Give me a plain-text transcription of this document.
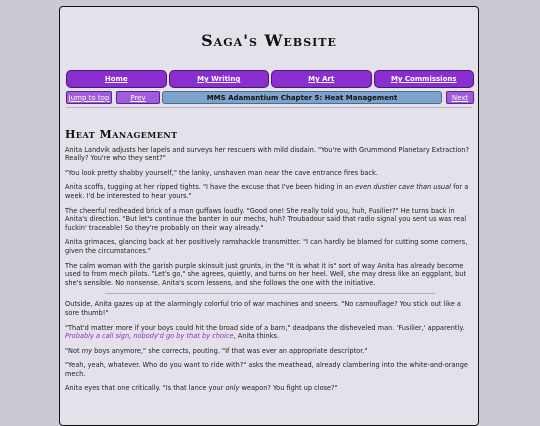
Saga's Website
Home	My Writing	My Art	My Commissions
Jump to top	Prev	MMS Adamantium Chapter 5: Heat Management	Next
Heat Management

Anita Landvik adjusts her lapels and surveys her rescuers with mild disdain. "You're with Grummond Planetary Extraction? Really? You're who they sent?"

"You look pretty shabby yourself," the lanky, unshaven man near the cave entrance fires back.

Anita scoffs, tugging at her ripped tights. "I have the excuse that I've been hiding in an even dustier cave than usual for a week. I'd be interested to hear yours."

The cheerful redheaded brick of a man guffaws loudly. "Good one! She really told you, huh, Fusilier?" He turns back in Anita's direction. "But let's continue the banter in our mechs, huh? Troubadour said that radio signal you sent us was real fuckin' traceable! So they're probably on their way already."

Anita grimaces, glancing back at her positively ramshackle transmitter. "I can hardly be blamed for cutting some corners, given the circumstances."

The calm woman with the garish purple skinsuit just grunts, in the "It is what it is" sort of way Anita has already become used to from mech pilots. "Let's go," she agrees, quietly, and turns on her heel. Well, she may dress like an eggplant, but she's sensible. No nonsense. Anita's scorn lessens, and she follows the one with the initiative.

Outside, Anita gazes up at the alarmingly colorful trio of war machines and sneers. "No camouflage? You stick out like a sore thumb!"

"That'd matter more if your boys could hit the broad side of a barn," deadpans the disheveled man. 'Fusilier,' apparently. Probably a call sign, nobody'd go by that by choice, Anita thinks.

"Not my boys anymore," she corrects, pouting. "If that was ever an appropriate descriptor."

"Yeah, yeah, whatever. Who do you want to ride with?" asks the meathead, already clambering into the white-and-orange mech.

Anita eyes that one critically. "Is that lance your only weapon? You fight up close?"
